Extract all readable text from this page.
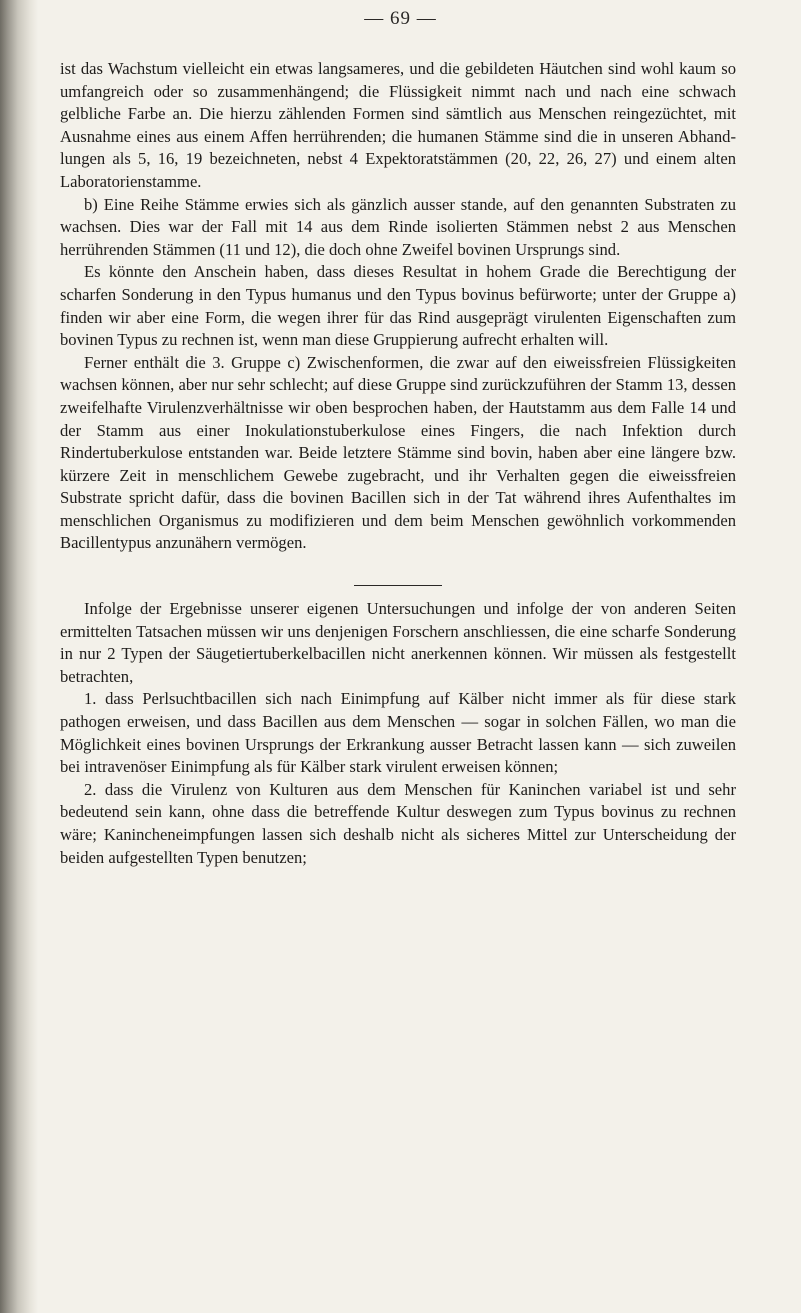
— 69 —

ist das Wachstum vielleicht ein etwas langsameres, und die gebildeten Häutchen sind wohl kaum so umfangreich oder so zusammenhängend; die Flüssigkeit nimmt nach und nach eine schwach gelbliche Farbe an. Die hierzu zählenden Formen sind sämtlich aus Menschen reingezüchtet, mit Ausnahme eines aus einem Affen herrührenden; die humanen Stämme sind die in unseren Abhandlungen als 5, 16, 19 bezeichneten, nebst 4 Expektoratstämmen (20, 22, 26, 27) und einem alten Laboratorienstamme.

b) Eine Reihe Stämme erwies sich als gänzlich ausser stande, auf den genannten Substraten zu wachsen. Dies war der Fall mit 14 aus dem Rinde isolierten Stämmen nebst 2 aus Menschen herrührenden Stämmen (11 und 12), die doch ohne Zweifel bovinen Ursprungs sind.

Es könnte den Anschein haben, dass dieses Resultat in hohem Grade die Berechtigung der scharfen Sonderung in den Typus humanus und den Typus bovinus befürworte; unter der Gruppe a) finden wir aber eine Form, die wegen ihrer für das Rind ausgeprägt virulenten Eigenschaften zum bovinen Typus zu rechnen ist, wenn man diese Gruppierung aufrecht erhalten will.

Ferner enthält die 3. Gruppe c) Zwischenformen, die zwar auf den eiweissfreien Flüssigkeiten wachsen können, aber nur sehr schlecht; auf diese Gruppe sind zurückzuführen der Stamm 13, dessen zweifelhafte Virulenzverhältnisse wir oben besprochen haben, der Hautstamm aus dem Falle 14 und der Stamm aus einer Inokulationstuberkulose eines Fingers, die nach Infektion durch Rindertuberkulose entstanden war. Beide letztere Stämme sind bovin, haben aber eine längere bzw. kürzere Zeit in menschlichem Gewebe zugebracht, und ihr Verhalten gegen die eiweissfreien Substrate spricht dafür, dass die bovinen Bacillen sich in der Tat während ihres Aufenthaltes im menschlichen Organismus zu modifizieren und dem beim Menschen gewöhnlich vorkommenden Bacillentypus anzunähern vermögen.

Infolge der Ergebnisse unserer eigenen Untersuchungen und infolge der von anderen Seiten ermittelten Tatsachen müssen wir uns denjenigen Forschern anschliessen, die eine scharfe Sonderung in nur 2 Typen der Säugetiertuberkelbacillen nicht anerkennen können. Wir müssen als festgestellt betrachten,

1. dass Perlsuchtbacillen sich nach Einimpfung auf Kälber nicht immer als für diese stark pathogen erweisen, und dass Bacillen aus dem Menschen — sogar in solchen Fällen, wo man die Möglichkeit eines bovinen Ursprungs der Erkrankung ausser Betracht lassen kann — sich zuweilen bei intravenöser Einimpfung als für Kälber stark virulent erweisen können;

2. dass die Virulenz von Kulturen aus dem Menschen für Kaninchen variabel ist und sehr bedeutend sein kann, ohne dass die betreffende Kultur deswegen zum Typus bovinus zu rechnen wäre; Kanincheneimpfungen lassen sich deshalb nicht als sicheres Mittel zur Unterscheidung der beiden aufgestellten Typen benutzen;
